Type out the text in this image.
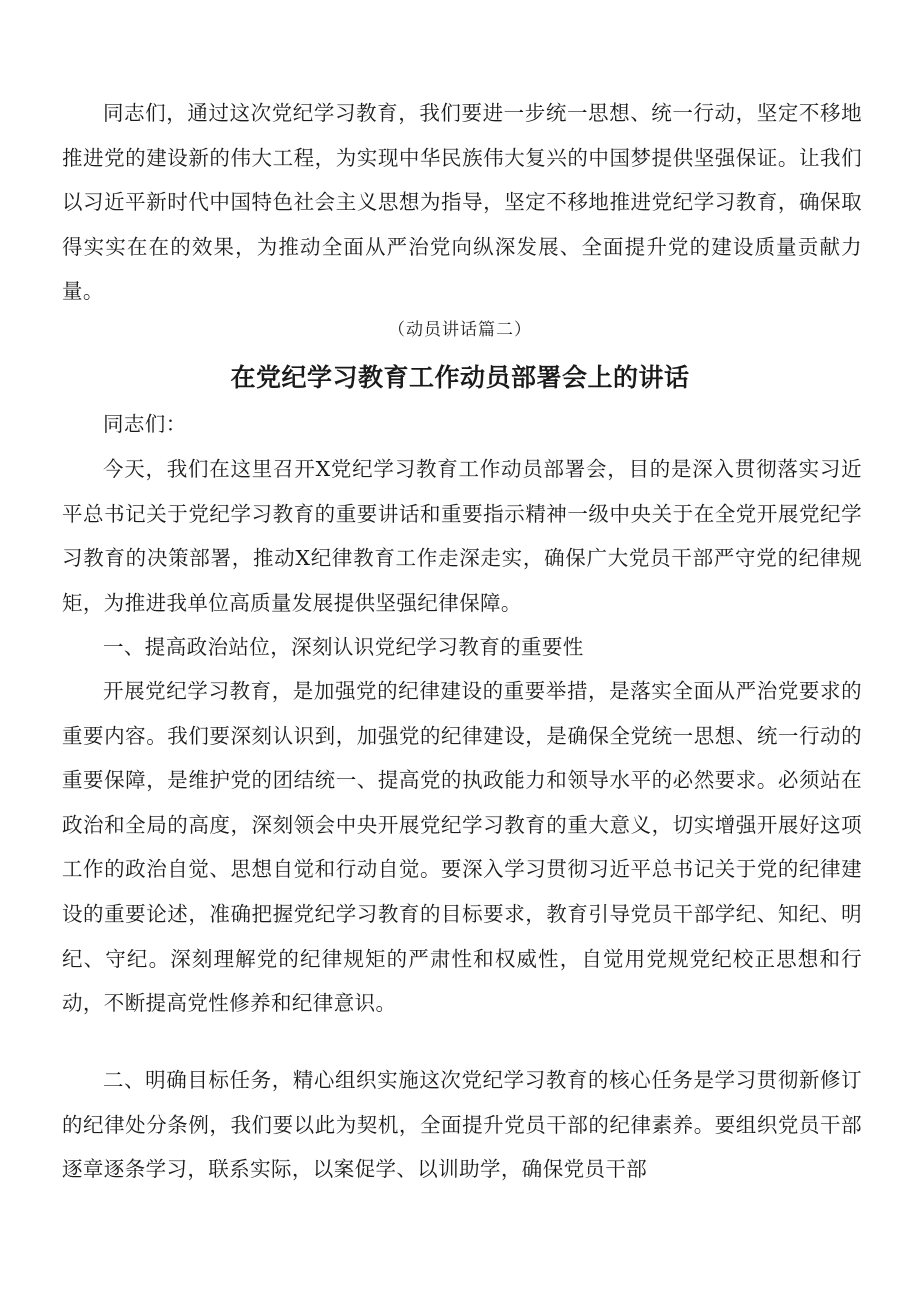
同志们，通过这次党纪学习教育，我们要进一步统一思想、统一行动，坚定不移地推进党的建设新的伟大工程，为实现中华民族伟大复兴的中国梦提供坚强保证。让我们以习近平新时代中国特色社会主义思想为指导，坚定不移地推进党纪学习教育，确保取得实实在在的效果，为推动全面从严治党向纵深发展、全面提升党的建设质量贡献力量。

（动员讲话篇二）

在党纪学习教育工作动员部署会上的讲话

同志们：

今天，我们在这里召开X党纪学习教育工作动员部署会，目的是深入贯彻落实习近平总书记关于党纪学习教育的重要讲话和重要指示精神一级中央关于在全党开展党纪学习教育的决策部署，推动X纪律教育工作走深走实，确保广大党员干部严守党的纪律规矩，为推进我单位高质量发展提供坚强纪律保障。

一、提高政治站位，深刻认识党纪学习教育的重要性

开展党纪学习教育，是加强党的纪律建设的重要举措，是落实全面从严治党要求的重要内容。我们要深刻认识到，加强党的纪律建设，是确保全党统一思想、统一行动的重要保障，是维护党的团结统一、提高党的执政能力和领导水平的必然要求。必须站在政治和全局的高度，深刻领会中央开展党纪学习教育的重大意义，切实增强开展好这项工作的政治自觉、思想自觉和行动自觉。要深入学习贯彻习近平总书记关于党的纪律建设的重要论述，准确把握党纪学习教育的目标要求，教育引导党员干部学纪、知纪、明纪、守纪。深刻理解党的纪律规矩的严肃性和权威性，自觉用党规党纪校正思想和行动，不断提高党性修养和纪律意识。

二、明确目标任务，精心组织实施这次党纪学习教育的核心任务是学习贯彻新修订的纪律处分条例，我们要以此为契机，全面提升党员干部的纪律素养。要组织党员干部逐章逐条学习，联系实际，以案促学、以训助学，确保党员干部
